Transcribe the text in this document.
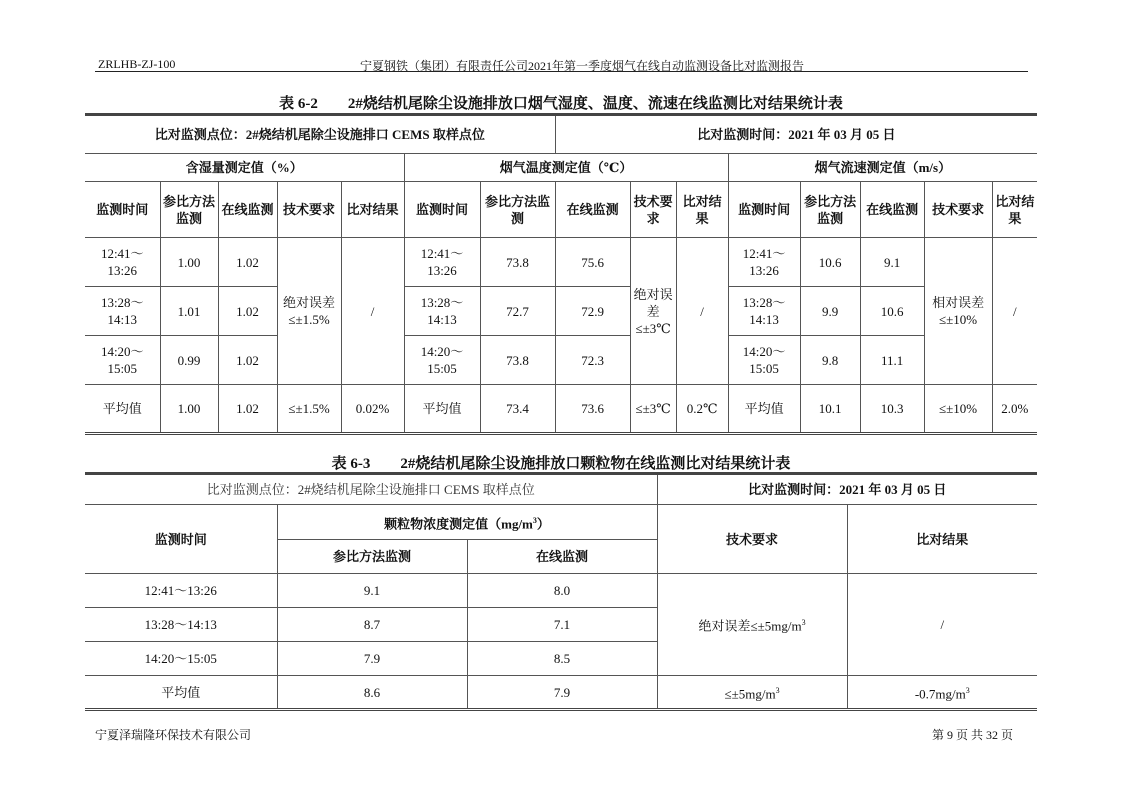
ZRLHB-ZJ-100	宁夏钢铁（集团）有限责任公司2021年第一季度烟气在线自动监测设备比对监测报告
表 6-2　　2#烧结机尾除尘设施排放口烟气湿度、温度、流速在线监测比对结果统计表
比对监测点位：2#烧结机尾除尘设施排口 CEMS 取样点位							比对监测时间：2021 年 03 月 05 日							
含湿量测定值（%）					烟气温度测定值（℃）					烟气流速测定值（m/s）				
监测时间	参比方法监测	在线监测	技术要求	比对结果	监测时间	参比方法监测	在线监测	技术要求	比对结果	监测时间	参比方法监测	在线监测	技术要求	比对结果
12:41～13:26	1.00	1.02	绝对误差≤±1.5%	/	12:41～13:26	73.8	75.6	绝对误差≤±3℃	/	12:41～13:26	10.6	9.1	相对误差≤±10%	/
13:28～14:13	1.01	1.02			13:28～14:13	72.7	72.9			13:28～14:13	9.9	10.6		
14:20～15:05	0.99	1.02			14:20～15:05	73.8	72.3			14:20～15:05	9.8	11.1		
平均值	1.00	1.02	≤±1.5%	0.02%	平均值	73.4	73.6	≤±3℃	0.2℃	平均值	10.1	10.3	≤±10%	2.0%
表 6-3　　2#烧结机尾除尘设施排放口颗粒物在线监测比对结果统计表
比对监测点位：2#烧结机尾除尘设施排口 CEMS 取样点位			比对监测时间：2021 年 03 月 05 日	
监测时间	颗粒物浓度测定值$(mg/m^3)$		技术要求	比对结果
	参比方法监测	在线监测		
12:41～13:26	9.1	8.0	绝对误差$\le\pm 5mg/m^3$	/
13:28～14:13	8.7	7.1		
14:20～15:05	7.9	8.5		
平均值	8.6	7.9	$\le\pm 5mg/m^3$	$-0.7mg/m^3$
宁夏泽瑞隆环保技术有限公司	第 9 页 共 32 页
